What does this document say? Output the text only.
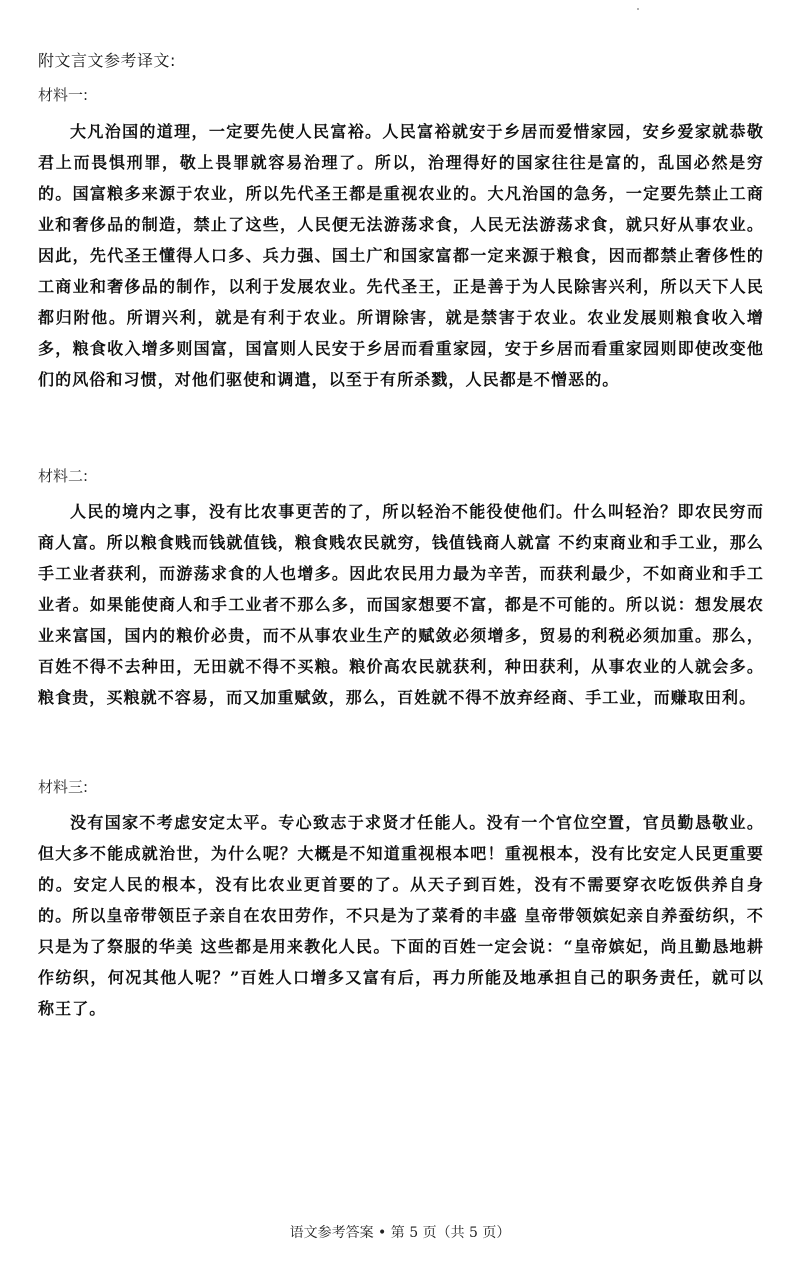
附文言文参考译文:
材料一:
大凡治国的道理，一定要先使人民富裕。人民富裕就安于乡居而爱惜家园，安乡爱家就恭敬君上而畏惧刑罪，敬上畏罪就容易治理了。所以，治理得好的国家往往是富的，乱国必然是穷的。国富粮多来源于农业，所以先代圣王都是重视农业的。大凡治国的急务，一定要先禁止工商业和奢侈品的制造，禁止了这些，人民便无法游荡求食，人民无法游荡求食，就只好从事农业。因此，先代圣王懂得人口多、兵力强、国土广和国家富都一定来源于粮食，因而都禁止奢侈性的工商业和奢侈品的制作，以利于发展农业。先代圣王，正是善于为人民除害兴利，所以天下人民都归附他。所谓兴利，就是有利于农业。所谓除害，就是禁害于农业。农业发展则粮食收入增多，粮食收入增多则国富，国富则人民安于乡居而看重家园，安于乡居而看重家园则即使改变他们的风俗和习惯，对他们驱使和调遣，以至于有所杀戮，人民都是不憎恶的。
材料二:
人民的境内之事，没有比农事更苦的了，所以轻治不能役使他们。什么叫轻治？即农民穷而商人富。所以粮食贱而钱就值钱，粮食贱农民就穷，钱值钱商人就富 不约束商业和手工业，那么手工业者获利，而游荡求食的人也增多。因此农民用力最为辛苦，而获利最少，不如商业和手工业者。如果能使商人和手工业者不那么多，而国家想要不富，都是不可能的。所以说：想发展农业来富国，国内的粮价必贵，而不从事农业生产的赋敛必须增多，贸易的利税必须加重。那么，百姓不得不去种田，无田就不得不买粮。粮价高农民就获利，种田获利，从事农业的人就会多。粮食贵，买粮就不容易，而又加重赋敛，那么，百姓就不得不放弃经商、手工业，而赚取田利。
材料三:
没有国家不考虑安定太平。专心致志于求贤才任能人。没有一个官位空置，官员勤恳敬业。但大多不能成就治世，为什么呢？大概是不知道重视根本吧！重视根本，没有比安定人民更重要的。安定人民的根本，没有比农业更首要的了。从天子到百姓，没有不需要穿衣吃饭供养自身的。所以皇帝带领臣子亲自在农田劳作，不只是为了菜肴的丰盛 皇帝带领嫔妃亲自养蚕纺织，不只是为了祭服的华美 这些都是用来教化人民。下面的百姓一定会说：“皇帝嫔妃，尚且勤恳地耕作纺织，何况其他人呢？”百姓人口增多又富有后，再力所能及地承担自己的职务责任，就可以称王了。
语文参考答案 • 第 5 页（共 5 页）
